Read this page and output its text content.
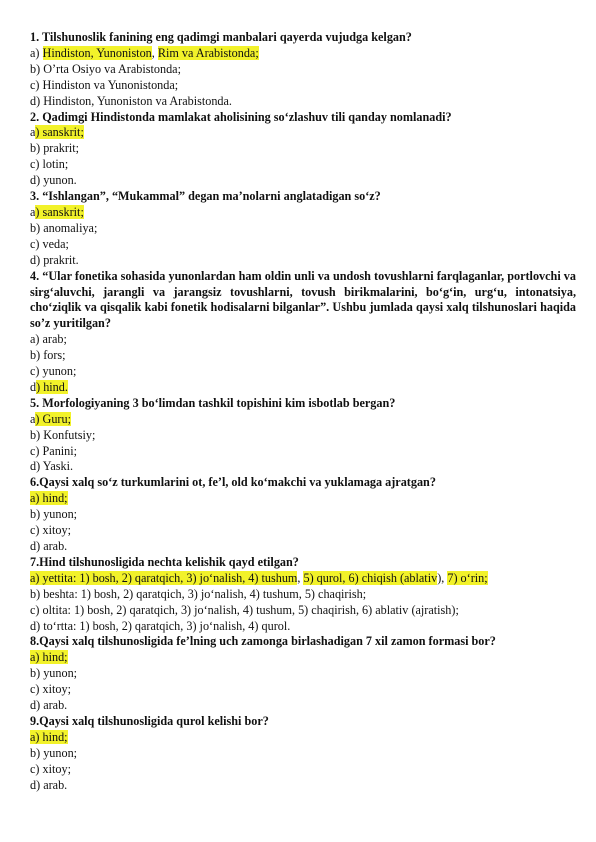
1. Tilshunoslik fanining eng qadimgi manbalari qayerda vujudga kelgan?
a) Hindiston, Yunoniston, Rim va Arabistonda;
b) O’rta Osiyo va Arabistonda;
c) Hindiston va Yunonistonda;
d) Hindiston, Yunoniston va Arabistonda.
2. Qadimgi Hindistonda mamlakat aholisining so‘zlashuv tili qanday nomlanadi?
a) sanskrit;
b) prakrit;
c) lotin;
d) yunon.
3. “Ishlangan”, “Mukammal” degan ma’nolarni anglatadigan so‘z?
a) sanskrit;
b) anomaliya;
c) veda;
d) prakrit.
4. “Ular fonetika sohasida yunonlardan ham oldin unli va undosh tovushlarni farqlaganlar, portlovchi va sirg‘aluvchi, jarangli va jarangsiz tovushlarni, tovush birikmalarini, bo‘g‘in, urg‘u, intonatsiya, cho‘ziqlik va qisqalik kabi fonetik hodisalarni bilganlar”. Ushbu jumlada qaysi xalq tilshunoslari haqida so’z yuritilgan?
a) arab;
b) fors;
c) yunon;
d) hind.
5. Morfologiyaning 3 bo‘limdan tashkil topishini kim isbotlab bergan?
a) Guru;
b) Konfutsiy;
c) Panini;
d) Yaski.
6.Qaysi xalq so‘z turkumlarini ot, fe’l, old ko‘makchi va yuklamaga ajratgan?
a) hind;
b) yunon;
c) xitoy;
d) arab.
7.Hind tilshunosligida nechta kelishik qayd etilgan?
a) yettita: 1) bosh, 2) qaratqich, 3) jo‘nalish, 4) tushum, 5) qurol, 6) chiqish (ablativ), 7) o‘rin;
b) beshta: 1) bosh, 2) qaratqich, 3) jo‘nalish, 4) tushum, 5) chaqirish;
c) oltita: 1) bosh, 2) qaratqich, 3) jo‘nalish, 4) tushum, 5) chaqirish, 6) ablativ (ajratish);
d) to‘rtta: 1) bosh, 2) qaratqich, 3) jo‘nalish, 4) qurol.
8.Qaysi xalq tilshunosligida fe’lning uch zamonga birlashadigan 7 xil zamon formasi bor?
a) hind;
b) yunon;
c) xitoy;
d) arab.
9.Qaysi xalq tilshunosligida qurol kelishi bor?
a) hind;
b) yunon;
c) xitoy;
d) arab.
